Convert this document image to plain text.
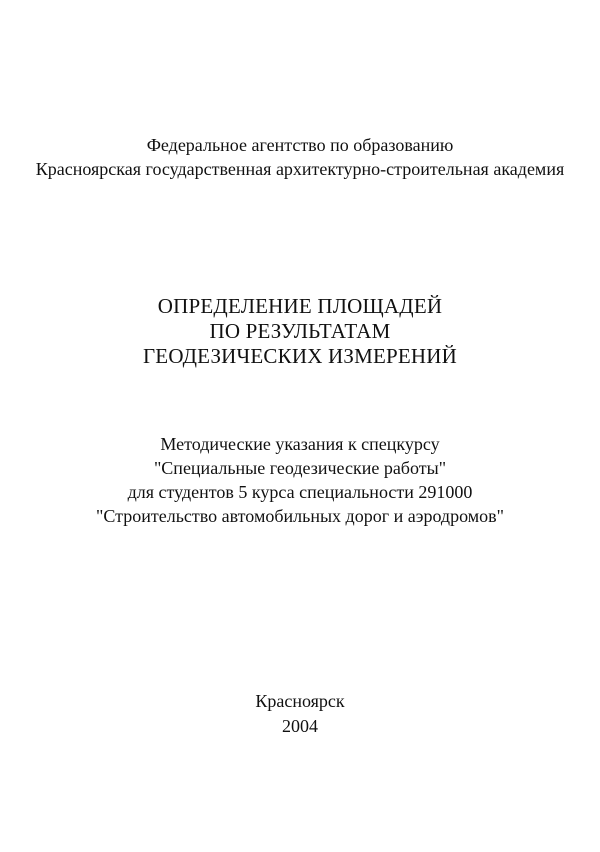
Федеральное агентство по образованию
Красноярская государственная архитектурно-строительная академия
ОПРЕДЕЛЕНИЕ ПЛОЩАДЕЙ
ПО РЕЗУЛЬТАТАМ
ГЕОДЕЗИЧЕСКИХ ИЗМЕРЕНИЙ
Методические указания к спецкурсу
"Специальные геодезические работы"
для студентов 5 курса специальности 291000
"Строительство автомобильных дорог и аэродромов"
Красноярск
2004
